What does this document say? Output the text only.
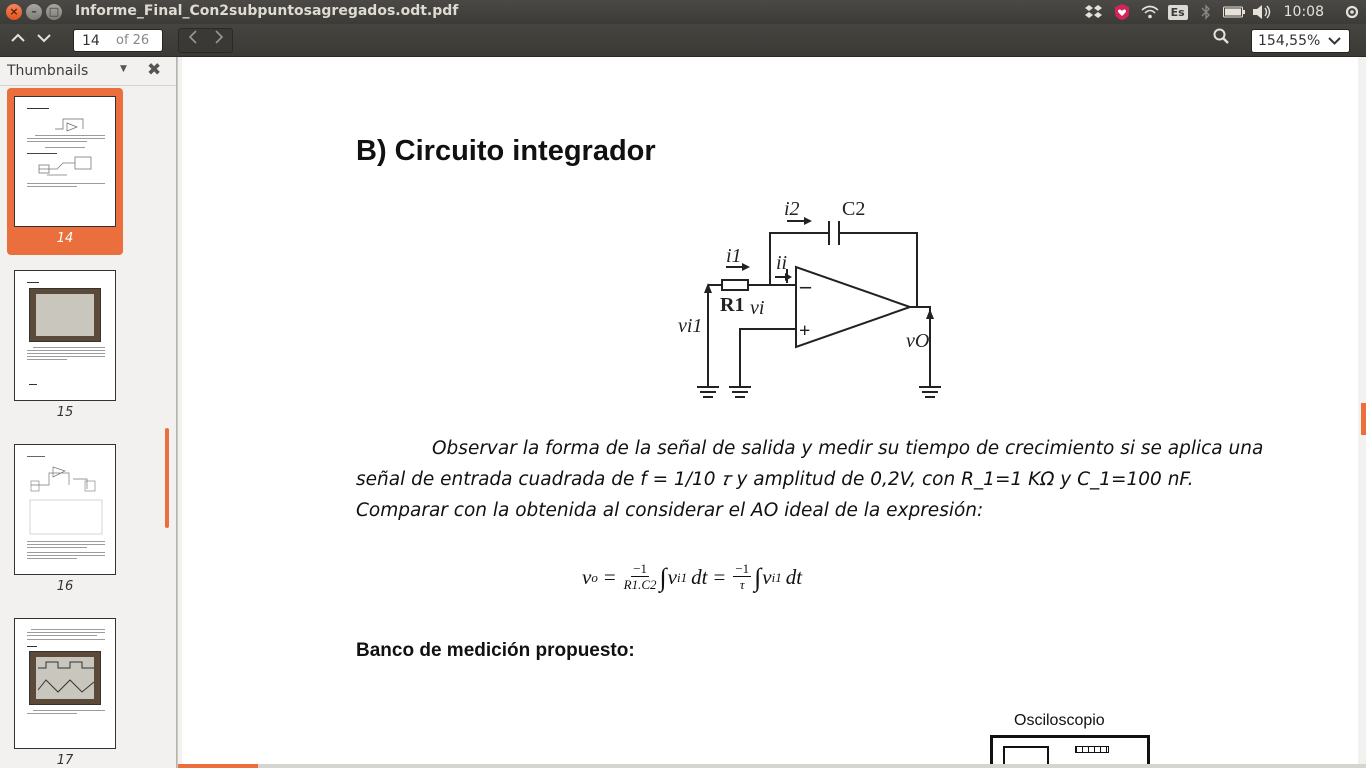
×	–	□ Informe_Final_Con2subpuntosagregados.odt.pdf	Es	10:08
14
of 26	154,55%
Thumbnails	▼ ✖
14
15
16
17
B) Circuito integrador
i2
i1 ii
vi
vi1
vO
C2
R1
–
+
Observar la forma de la señal de salida y medir su tiempo de crecimiento si se aplica una
señal de entrada cuadrada de f = 1/10 𝜏 y amplitud de 0,2V, con R_1=1 KΩ y C_1=100 nF.
Comparar con la obtenida al considerar el AO ideal de la expresión:
v $o = \frac{-1}{R1.C2}$ ∫ v i1 dt = $\frac{-1}{\tau}$ ∫ v i1 dt
Banco de medición propuesto:
Osciloscopio
